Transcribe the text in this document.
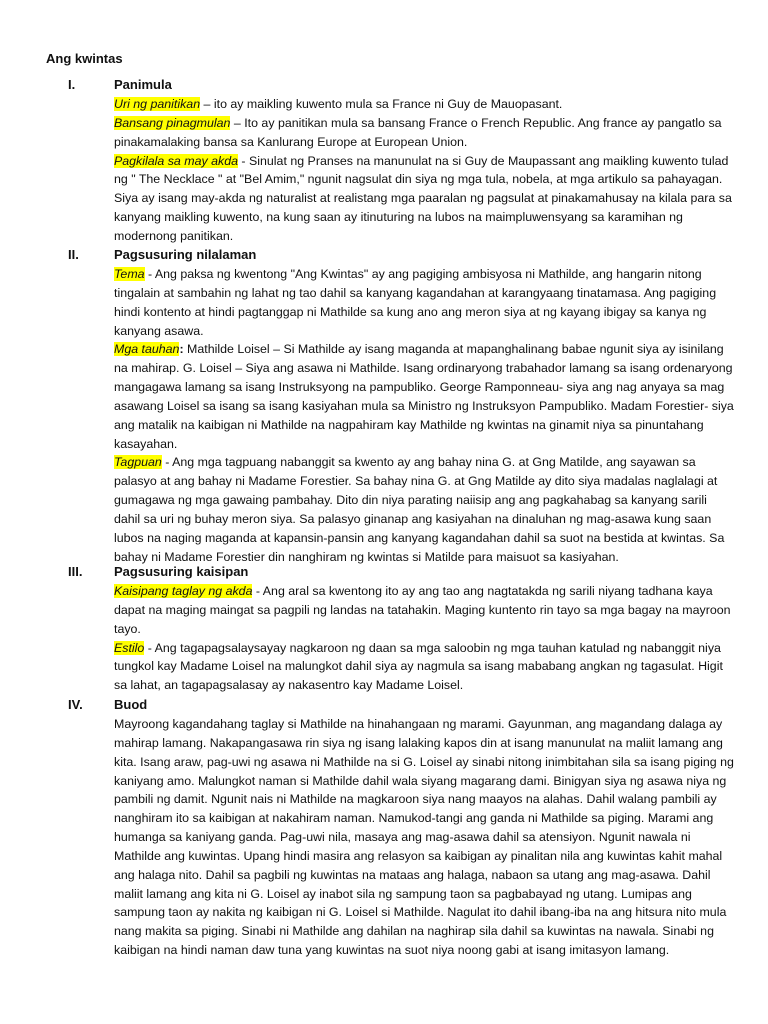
Ang kwintas
I.	Panimula

Uri ng panitikan – ito ay maikling kuwento mula sa France ni Guy de Mauopasant.

Bansang pinagmulan – Ito ay panitikan mula sa bansang France o French Republic. Ang france ay pangatlo sa pinakamalaking bansa sa Kanlurang Europe at European Union.

Pagkilala sa may akda - Sinulat ng Pranses na manunulat na si Guy de Maupassant ang maikling kuwento tulad ng " The Necklace " at "Bel Amim," ngunit nagsulat din siya ng mga tula, nobela, at mga artikulo sa pahayagan. Siya ay isang may-akda ng naturalist at realistang mga paaralan ng pagsulat at pinakamahusay na kilala para sa kanyang maikling kuwento, na kung saan ay itinuturing na lubos na maimpluwensyang sa karamihan ng modernong panitikan.

II.	Pagsusuring nilalaman

Tema - Ang paksa ng kwentong "Ang Kwintas" ay ang pagiging ambisyosa ni Mathilde, ang hangarin nitong tingalain at sambahin ng lahat ng tao dahil sa kanyang kagandahan at karangyaang tinatamasa. Ang pagiging hindi kontento at hindi pagtanggap ni Mathilde sa kung ano ang meron siya at ng kayang ibigay sa kanya ng kanyang asawa.

Mga tauhan: Mathilde Loisel – Si Mathilde ay isang maganda at mapanghalinang babae ngunit siya ay isinilang na mahirap. G. Loisel – Siya ang asawa ni Mathilde. Isang ordinaryong trabahador lamang sa isang ordenaryong mangagawa lamang sa isang Instruksyong na pampubliko. George Ramponneau- siya ang nag anyaya sa mag asawang Loisel sa isang sa isang kasiyahan mula sa Ministro ng Instruksyon Pampubliko. Madam Forestier- siya ang matalik na kaibigan ni Mathilde na nagpahiram kay Mathilde ng kwintas na ginamit niya sa pinuntahang kasayahan.

Tagpuan - Ang mga tagpuang nabanggit sa kwento ay ang bahay nina G. at Gng Matilde, ang sayawan sa palasyo at ang bahay ni Madame Forestier. Sa bahay nina G. at Gng Matilde ay dito siya madalas naglalagi at gumagawa ng mga gawaing pambahay. Dito din niya parating naiisip ang ang pagkahabag sa kanyang sarili dahil sa uri ng buhay meron siya. Sa palasyo ginanap ang kasiyahan na dinaluhan ng mag-asawa kung saan lubos na naging maganda at kapansin-pansin ang kanyang kagandahan dahil sa suot na bestida at kwintas. Sa bahay ni Madame Forestier din nanghiram ng kwintas si Matilde para maisuot sa kasiyahan.

III. Pagsusuring kaisipan

Kaisipang taglay ng akda - Ang aral sa kwentong ito ay ang tao ang nagtatakda ng sarili niyang tadhana kaya dapat na maging maingat sa pagpili ng landas na tatahakin. Maging kuntento rin tayo sa mga bagay na mayroon tayo.

Estilo - Ang tagapagsalaysayay nagkaroon ng daan sa mga saloobin ng mga tauhan katulad ng nabanggit niya tungkol kay Madame Loisel na malungkot dahil siya ay nagmula sa isang mababang angkan ng tagasulat. Higit sa lahat, an tagapagsalasay ay nakasentro kay Madame Loisel.

IV. Buod

Mayroong kagandahang taglay si Mathilde na hinahangaan ng marami. Gayunman, ang magandang dalaga ay mahirap lamang. Nakapangasawa rin siya ng isang lalaking kapos din at isang manunulat na maliit lamang ang kita. Isang araw, pag-uwi ng asawa ni Mathilde na si G. Loisel ay sinabi nitong inimbitahan sila sa isang piging ng kaniyang amo. Malungkot naman si Mathilde dahil wala siyang magarang dami. Binigyan siya ng asawa niya ng pambili ng damit. Ngunit nais ni Mathilde na magkaroon siya nang maayos na alahas. Dahil walang pambili ay nanghiram ito sa kaibigan at nakahiram naman. Namukod-tangi ang ganda ni Mathilde sa piging. Marami ang humanga sa kaniyang ganda. Pag-uwi nila, masaya ang mag-asawa dahil sa atensiyon. Ngunit nawala ni Mathilde ang kuwintas. Upang hindi masira ang relasyon sa kaibigan ay pinalitan nila ang kuwintas kahit mahal ang halaga nito. Dahil sa pagbili ng kuwintas na mataas ang halaga, nabaon sa utang ang mag-asawa. Dahil maliit lamang ang kita ni G. Loisel ay inabot sila ng sampung taon sa pagbabayad ng utang. Lumipas ang sampung taon ay nakita ng kaibigan ni G. Loisel si Mathilde. Nagulat ito dahil ibang-iba na ang hitsura nito mula nang makita sa piging. Sinabi ni Mathilde ang dahilan na naghirap sila dahil sa kuwintas na nawala. Sinabi ng kaibigan na hindi naman daw tuna yang kuwintas na suot niya noong gabi at isang imitasyon lamang.
